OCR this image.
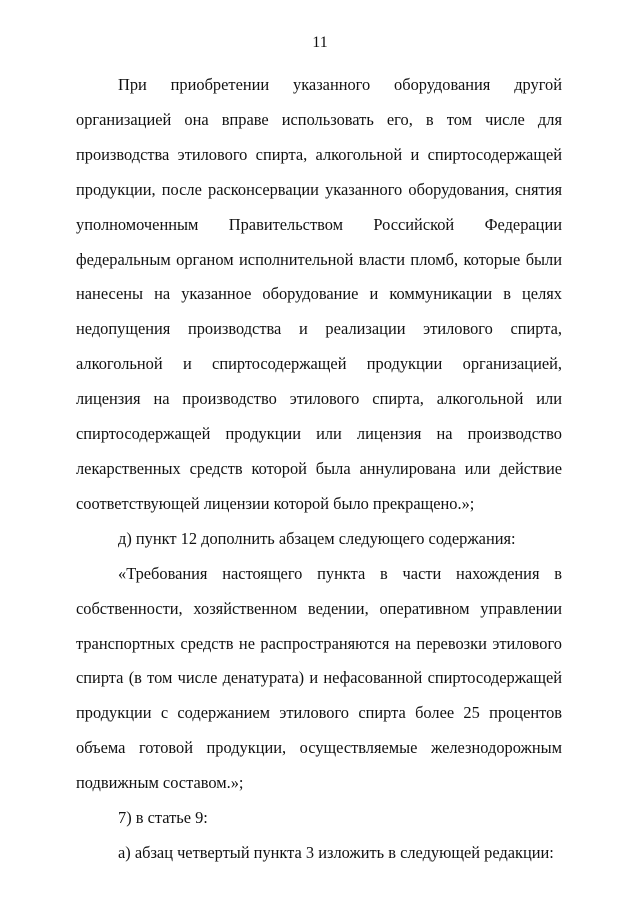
11

При приобретении указанного оборудования другой организацией она вправе использовать его, в том числе для производства этилового спирта, алкогольной и спиртосодержащей продукции, после расконсервации указанного оборудования, снятия уполномоченным Правительством Российской Федерации федеральным органом исполнительной власти пломб, которые были нанесены на указанное оборудование и коммуникации в целях недопущения производства и реализации этилового спирта, алкогольной и спиртосодержащей продукции организацией, лицензия на производство этилового спирта, алкогольной или спиртосодержащей продукции или лицензия на производство лекарственных средств которой была аннулирована или действие соответствующей лицензии которой было прекращено.»;

д) пункт 12 дополнить абзацем следующего содержания:

«Требования настоящего пункта в части нахождения в собственности, хозяйственном ведении, оперативном управлении транспортных средств не распространяются на перевозки этилового спирта (в том числе денатурата) и нефасованной спиртосодержащей продукции с содержанием этилового спирта более 25 процентов объема готовой продукции, осуществляемые железнодорожным подвижным составом.»;

7) в статье 9:

а) абзац четвертый пункта 3 изложить в следующей редакции:
